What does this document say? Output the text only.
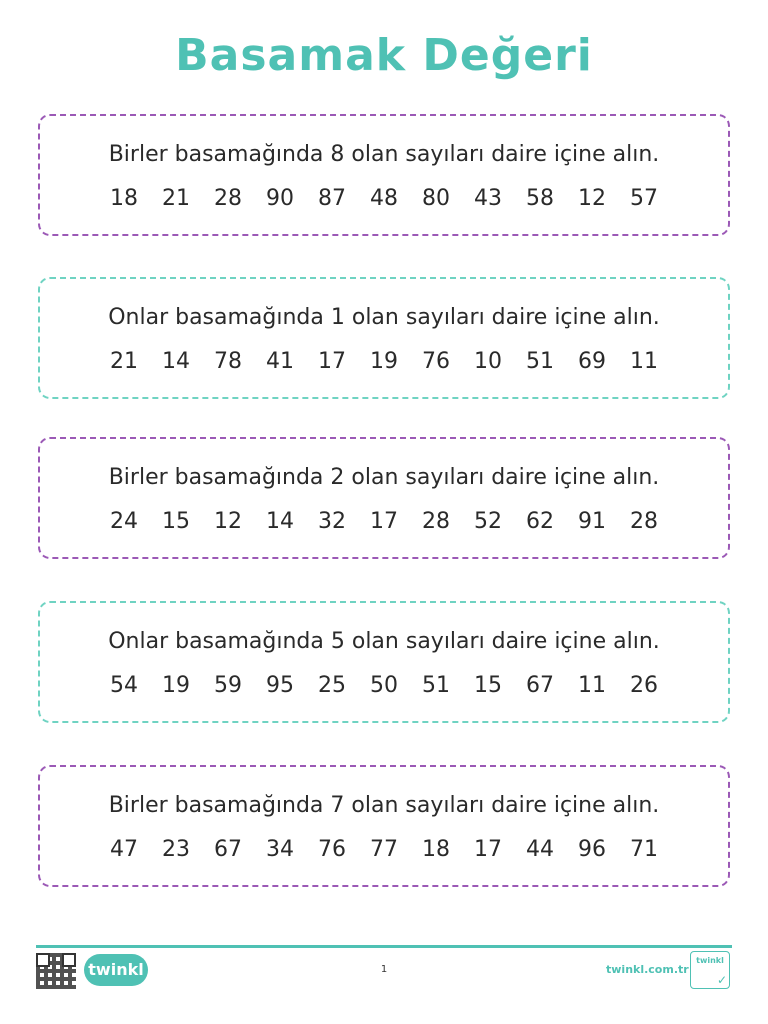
Basamak Değeri
Birler basamağında 8 olan sayıları daire içine alın.
18 21 28 90 87 48 80 43 58 12 57
Onlar basamağında 1 olan sayıları daire içine alın.
21 14 78 41 17 19 76 10 51 69 11
Birler basamağında 2 olan sayıları daire içine alın.
24 15 12 14 32 17 28 52 62 91 28
Onlar basamağında 5 olan sayıları daire içine alın.
54 19 59 95 25 50 51 15 67 11 26
Birler basamağında 7 olan sayıları daire içine alın.
47 23 67 34 76 77 18 17 44 96 71
twinkl	1	twinkl.com.tr
twinkl
✓
